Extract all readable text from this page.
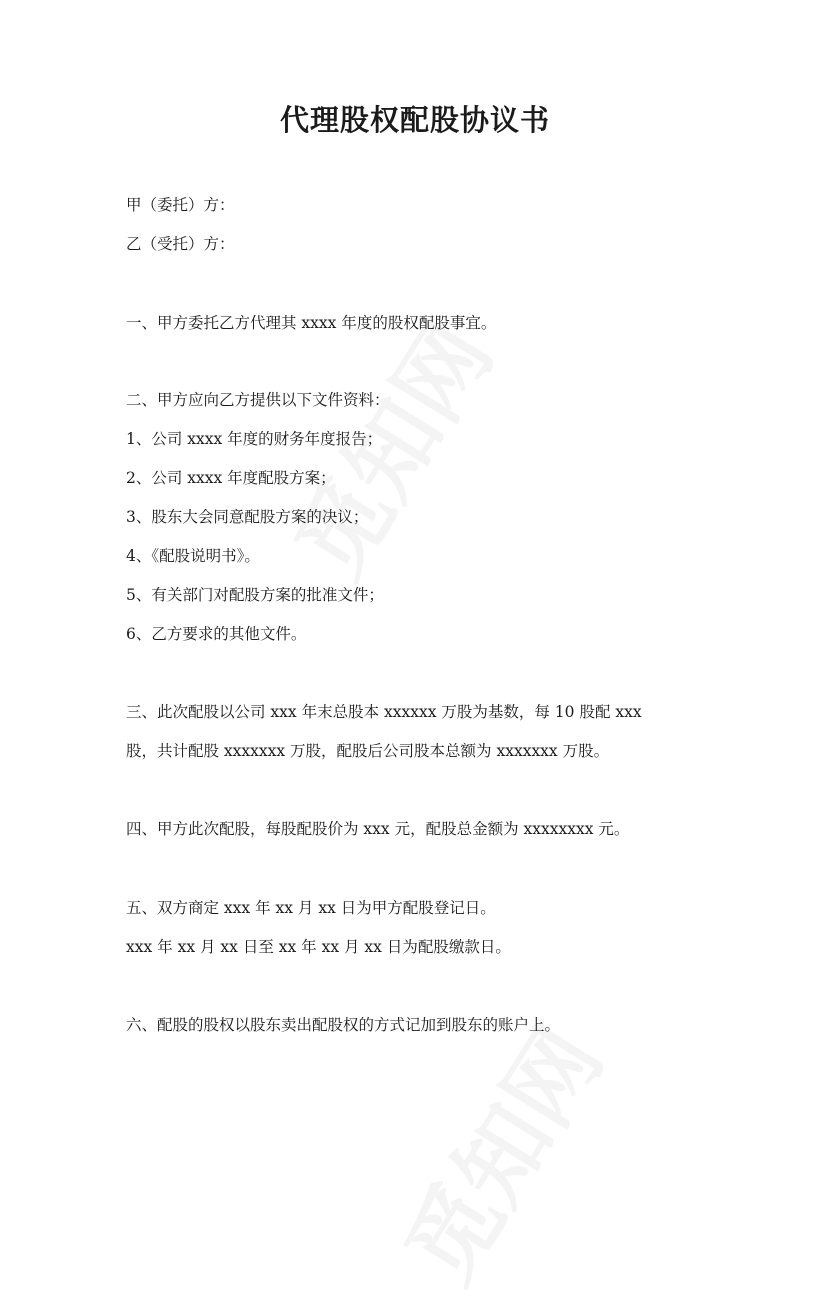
代理股权配股协议书
甲（委托）方：
乙（受托）方：
一、甲方委托乙方代理其 xxxx 年度的股权配股事宜。
二、甲方应向乙方提供以下文件资料：
1、公司 xxxx 年度的财务年度报告；
2、公司 xxxx 年度配股方案；
3、股东大会同意配股方案的决议；
4、《配股说明书》。
5、有关部门对配股方案的批准文件；
6、乙方要求的其他文件。
三、此次配股以公司 xxx 年末总股本 xxxxxx 万股为基数，每 10 股配 xxx
股，共计配股 xxxxxxx 万股，配股后公司股本总额为 xxxxxxx 万股。
四、甲方此次配股，每股配股价为 xxx 元，配股总金额为 xxxxxxxx 元。
五、双方商定 xxx 年 xx 月 xx 日为甲方配股登记日。
xxx 年 xx 月 xx 日至 xx 年 xx 月 xx 日为配股缴款日。
六、配股的股权以股东卖出配股权的方式记加到股东的账户上。
